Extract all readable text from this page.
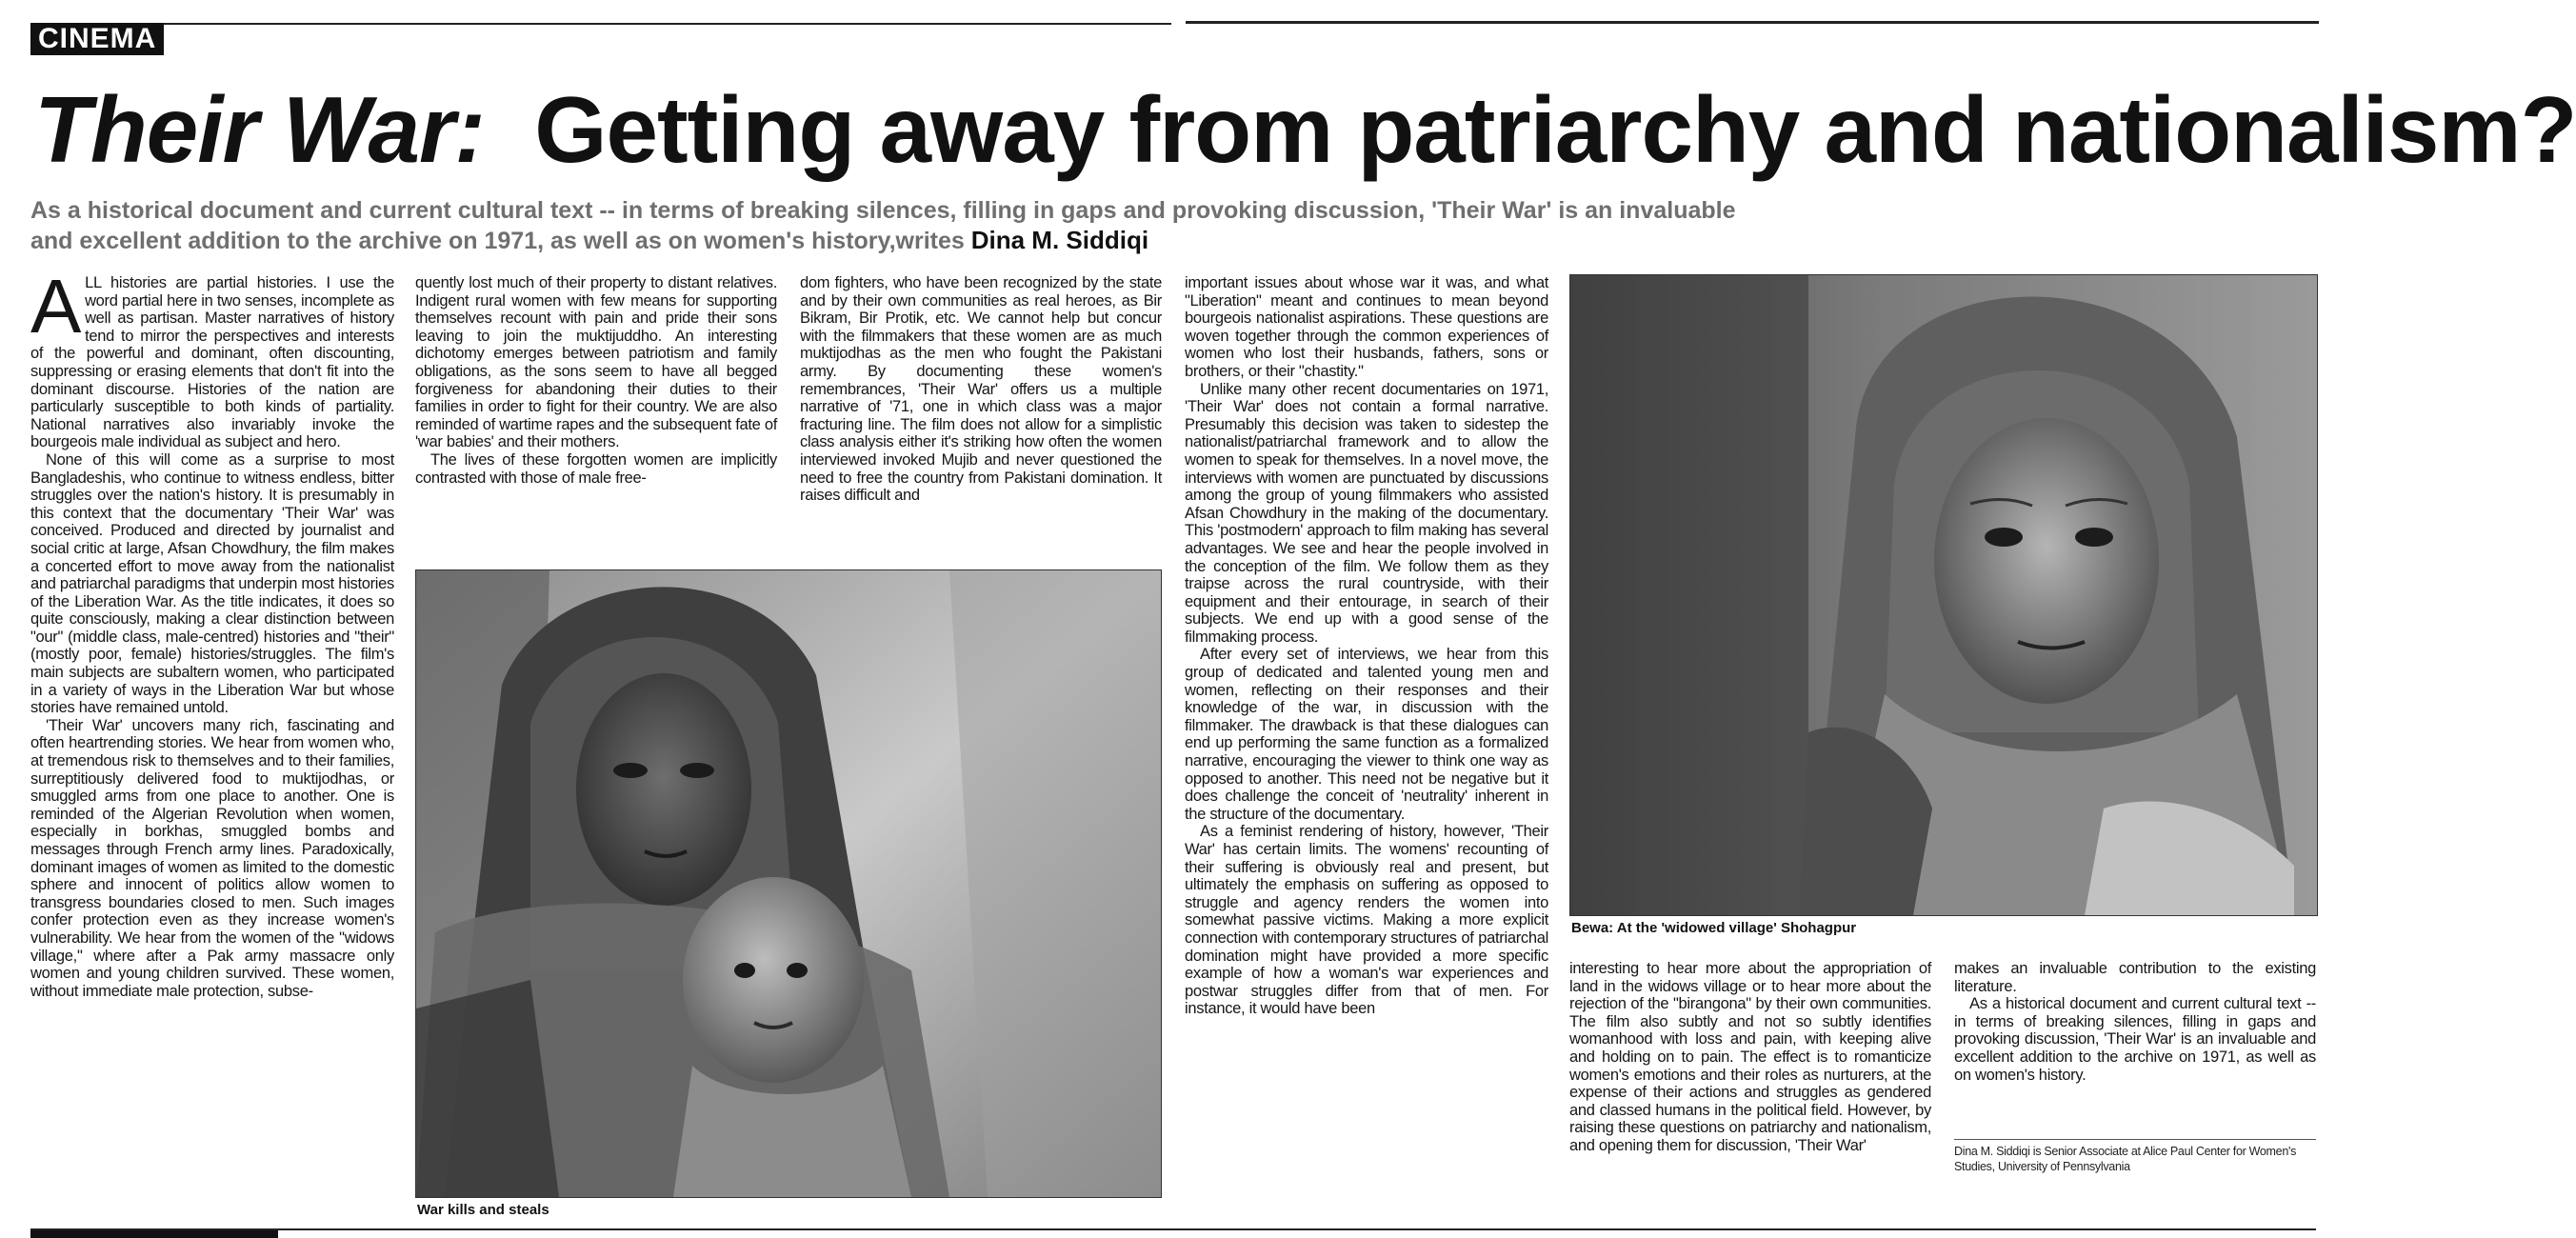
CINEMA
Their War: Getting away from patriarchy and nationalism?
As a historical document and current cultural text -- in terms of breaking silences, filling in gaps and provoking discussion, 'Their War' is an invaluable and excellent addition to the archive on 1971, as well as on women's history,writes Dina M. Siddiqi

ALL histories are partial histories. I use the word partial here in two senses, incomplete as well as partisan. Master narratives of history tend to mirror the perspectives and interests of the powerful and dominant, often discounting, suppressing or erasing elements that don't fit into the dominant discourse. Histories of the nation are particularly susceptible to both kinds of partiality. National narratives also invariably invoke the bourgeois male individual as subject and hero.

None of this will come as a surprise to most Bangladeshis, who continue to witness endless, bitter struggles over the nation's history. It is presumably in this context that the documentary 'Their War' was conceived. Produced and directed by journalist and social critic at large, Afsan Chowdhury, the film makes a concerted effort to move away from the nationalist and patriarchal paradigms that underpin most histories of the Liberation War. As the title indicates, it does so quite consciously, making a clear distinction between "our" (middle class, male-centred) histories and "their" (mostly poor, female) histories/struggles. The film's main subjects are subaltern women, who participated in a variety of ways in the Liberation War but whose stories have remained untold.

'Their War' uncovers many rich, fascinating and often heartrending stories. We hear from women who, at tremendous risk to themselves and to their families, surreptitiously delivered food to muktijodhas, or smuggled arms from one place to another. One is reminded of the Algerian Revolution when women, especially in borkhas, smuggled bombs and messages through French army lines. Paradoxically, dominant images of women as limited to the domestic sphere and innocent of politics allow women to transgress boundaries closed to men. Such images confer protection even as they increase women's vulnerability. We hear from the women of the "widows village," where after a Pak army massacre only women and young children survived. These women, without immediate male protection, subse-

quently lost much of their property to distant relatives. Indigent rural women with few means for supporting themselves recount with pain and pride their sons leaving to join the muktijuddho. An interesting dichotomy emerges between patriotism and family obligations, as the sons seem to have all begged forgiveness for abandoning their duties to their families in order to fight for their country. We are also reminded of wartime rapes and the subsequent fate of 'war babies' and their mothers.

The lives of these forgotten women are implicitly contrasted with those of male free-

dom fighters, who have been recognized by the state and by their own communities as real heroes, as Bir Bikram, Bir Protik, etc. We cannot help but concur with the filmmakers that these women are as much muktijodhas as the men who fought the Pakistani army. By documenting these women's remembrances, 'Their War' offers us a multiple narrative of '71, one in which class was a major fracturing line. The film does not allow for a simplistic class analysis either it's striking how often the women interviewed invoked Mujib and never questioned the need to free the country from Pakistani domination. It raises difficult and

important issues about whose war it was, and what "Liberation" meant and continues to mean beyond bourgeois nationalist aspirations. These questions are woven together through the common experiences of women who lost their husbands, fathers, sons or brothers, or their "chastity."

Unlike many other recent documentaries on 1971, 'Their War' does not contain a formal narrative. Presumably this decision was taken to sidestep the nationalist/patriarchal framework and to allow the women to speak for themselves. In a novel move, the interviews with women are punctuated by discussions among the group of young filmmakers who assisted Afsan Chowdhury in the making of the documentary. This 'postmodern' approach to film making has several advantages. We see and hear the people involved in the conception of the film. We follow them as they traipse across the rural countryside, with their equipment and their entourage, in search of their subjects. We end up with a good sense of the filmmaking process.

After every set of interviews, we hear from this group of dedicated and talented young men and women, reflecting on their responses and their knowledge of the war, in discussion with the filmmaker. The drawback is that these dialogues can end up performing the same function as a formalized narrative, encouraging the viewer to think one way as opposed to another. This need not be negative but it does challenge the conceit of 'neutrality' inherent in the structure of the documentary.

As a feminist rendering of history, however, 'Their War' has certain limits. The womens' recounting of their suffering is obviously real and present, but ultimately the emphasis on suffering as opposed to struggle and agency renders the women into somewhat passive victims. Making a more explicit connection with contemporary structures of patriarchal domination might have provided a more specific example of how a woman's war experiences and postwar struggles differ from that of men. For instance, it would have been

interesting to hear more about the appropriation of land in the widows village or to hear more about the rejection of the "birangona" by their own communities. The film also subtly and not so subtly identifies womanhood with loss and pain, with keeping alive and holding on to pain. The effect is to romanticize women's emotions and their roles as nurturers, at the expense of their actions and struggles as gendered and classed humans in the political field. However, by raising these questions on patriarchy and nationalism, and opening them for discussion, 'Their War'

makes an invaluable contribution to the existing literature.

As a historical document and current cultural text -- in terms of breaking silences, filling in gaps and provoking discussion, 'Their War' is an invaluable and excellent addition to the archive on 1971, as well as on women's history.

Dina M. Siddiqi is Senior Associate at Alice Paul Center for Women's Studies, University of Pennsylvania
War kills and steals
Bewa: At the 'widowed village' Shohagpur
